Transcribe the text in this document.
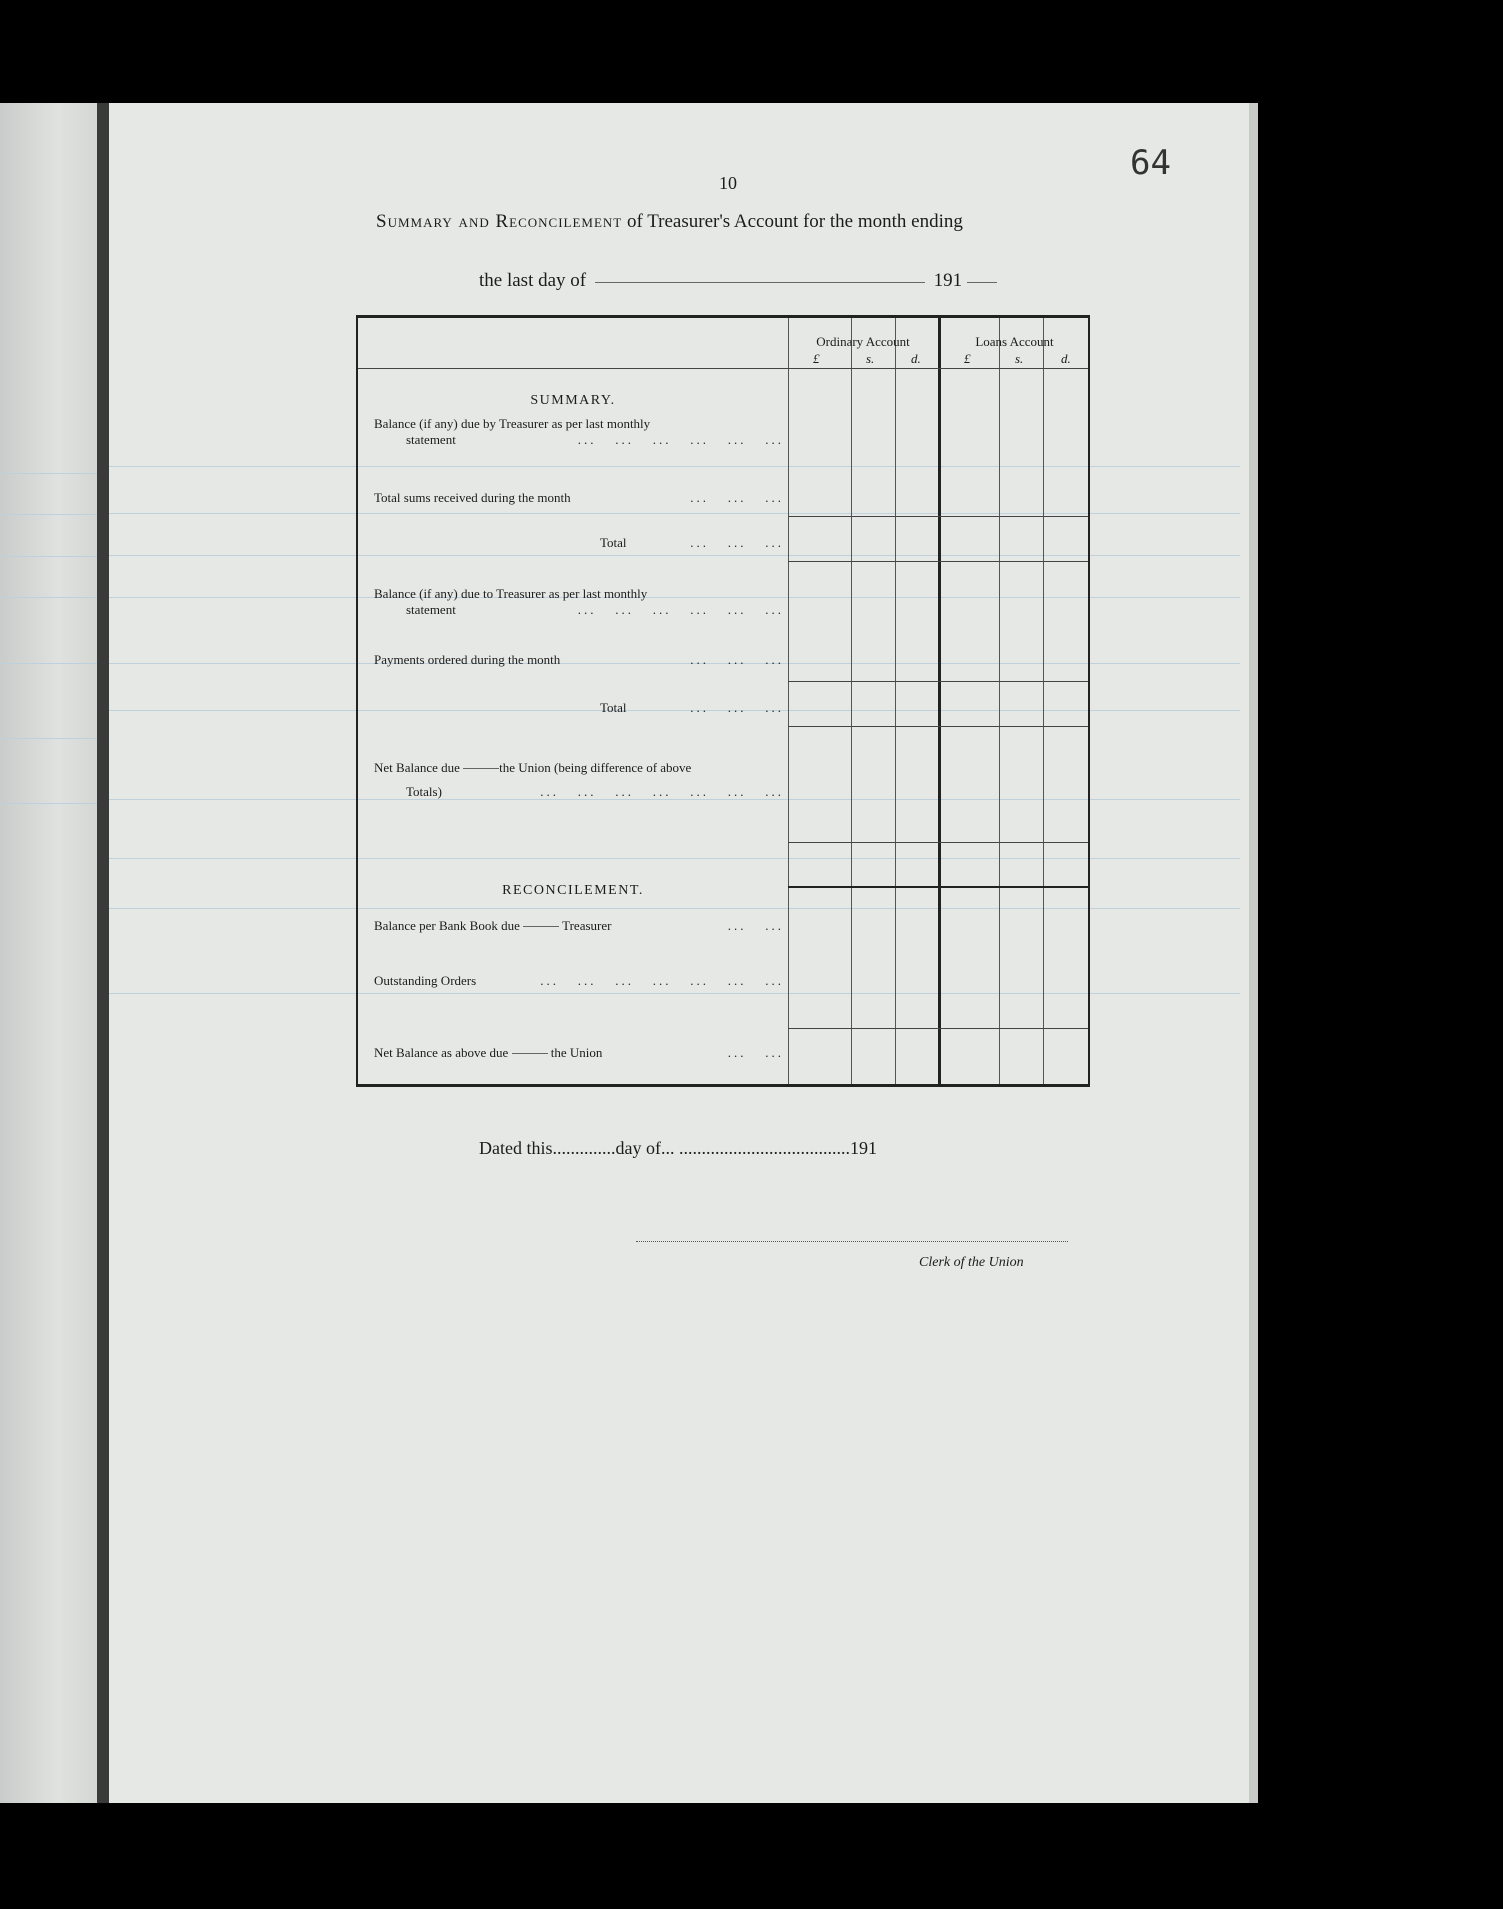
64
10
Summary and Reconcilement of Treasurer's Account for the month ending
the last day of	191
Ordinary Account	Loans Account
£	s.	d.	£	s.	d.
SUMMARY.
Balance (if any) due by Treasurer as per last monthly
statement	...   ...   ...   ...   ...   ...
Total sums received during the month	...   ...   ...
Total	...   ...   ...
Balance (if any) due to Treasurer as per last monthly
statement	...   ...   ...   ...   ...   ...
Payments ordered during the month	...   ...   ...
Total	...   ...   ...
Net Balance due	the Union (being difference of above
Totals)	...   ...   ...   ...   ...   ...   ...
RECONCILEMENT.
Balance per Bank Book due	Treasurer	...   ...
Outstanding Orders	...   ...   ...   ...   ...   ...   ...
Net Balance as above due	the Union	...   ...
Dated this..............day of... ......................................191
Clerk of the Union
